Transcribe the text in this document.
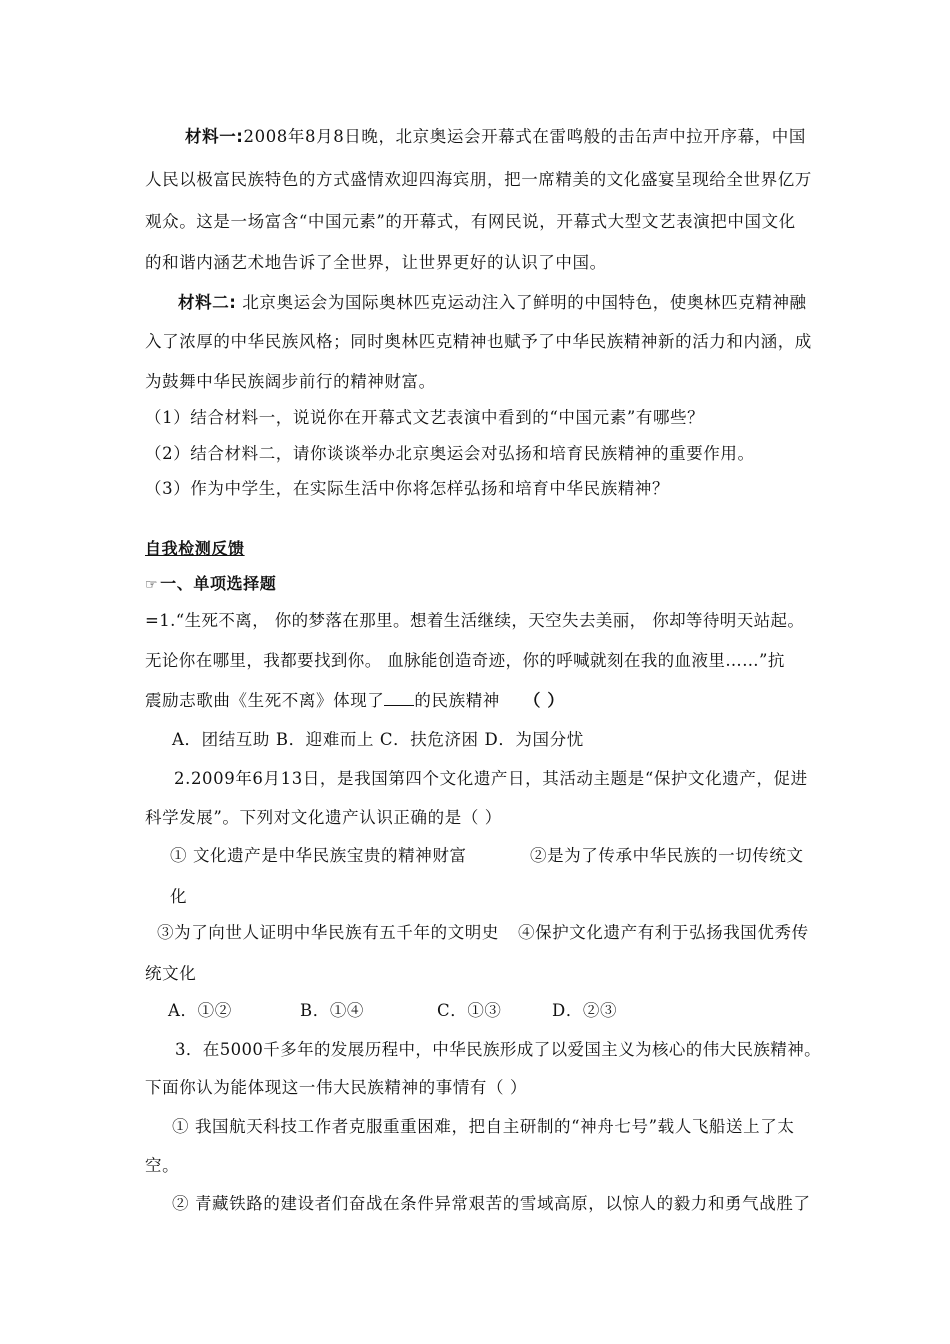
材料一:2008年8月8日晚，北京奥运会开幕式在雷鸣般的击缶声中拉开序幕，中国
人民以极富民族特色的方式盛情欢迎四海宾朋，把一席精美的文化盛宴呈现给全世界亿万
观众。这是一场富含“中国元素”的开幕式，有网民说，开幕式大型文艺表演把中国文化
的和谐内涵艺术地告诉了全世界，让世界更好的认识了中国。
材料二: 北京奥运会为国际奥林匹克运动注入了鲜明的中国特色，使奥林匹克精神融
入了浓厚的中华民族风格；同时奥林匹克精神也赋予了中华民族精神新的活力和内涵，成
为鼓舞中华民族阔步前行的精神财富。
（1）结合材料一，说说你在开幕式文艺表演中看到的“中国元素”有哪些？
（2）结合材料二，请你谈谈举办北京奥运会对弘扬和培育民族精神的重要作用。
（3）作为中学生，在实际生活中你将怎样弘扬和培育中华民族精神？
自我检测反馈
☞ 一、单项选择题
=1.“生死不离， 你的梦落在那里。想着生活继续，天空失去美丽， 你却等待明天站起。
无论你在哪里，我都要找到你。 血脉能创造奇迹，你的呼喊就刻在我的血液里……”抗
震励志歌曲《生死不离》体现了 的民族精神 （ ）
A．团结互助 B．迎难而上 C．扶危济困 D．为国分忧
2.2009年6月13日，是我国第四个文化遗产日，其活动主题是“保护文化遗产，促进
科学发展”。下列对文化遗产认识正确的是（ ）
① 文化遗产是中华民族宝贵的精神财富	②是为了传承中华民族的一切传统文
化
③为了向世人证明中华民族有五千年的文明史 ④保护文化遗产有利于弘扬我国优秀传
统文化
A．①②	B．①④	C．①③	D．②③
3．在5000千多年的发展历程中，中华民族形成了以爱国主义为核心的伟大民族精神。
下面你认为能体现这一伟大民族精神的事情有（ ）
① 我国航天科技工作者克服重重困难，把自主研制的“神舟七号”载人飞船送上了太
空。
② 青藏铁路的建设者们奋战在条件异常艰苦的雪域高原，以惊人的毅力和勇气战胜了
